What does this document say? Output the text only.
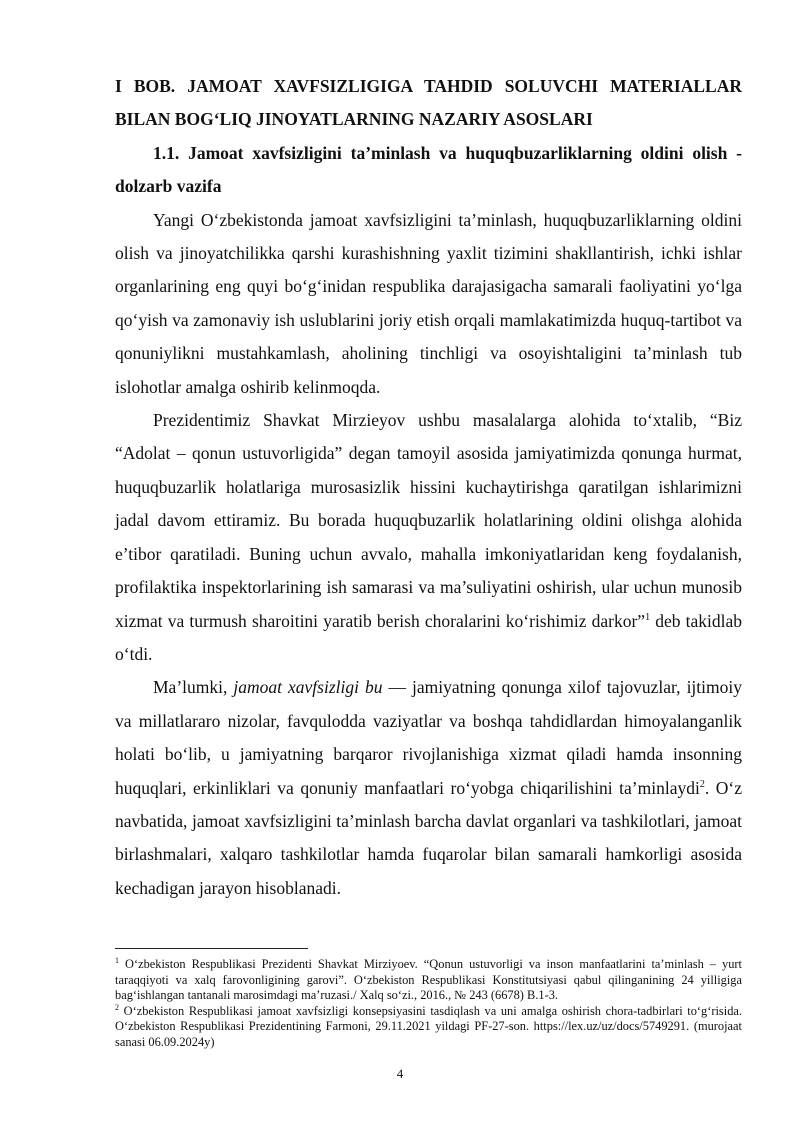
I BOB. JAMOAT XAVFSIZLIGIGA TAHDID SOLUVCHI MATERIALLAR BILAN BOG‘LIQ JINOYATLARNING NAZARIY ASOSLARI

1.1. Jamoat xavfsizligini ta’minlash va huquqbuzarliklarning oldini olish - dolzarb vazifa

Yangi O‘zbekistonda jamoat xavfsizligini ta’minlash, huquqbuzarliklarning oldini olish va jinoyatchilikka qarshi kurashishning yaxlit tizimini shakllantirish, ichki ishlar organlarining eng quyi bo‘g‘inidan respublika darajasigacha samarali faoliyatini yo‘lga qo‘yish va zamonaviy ish uslublarini joriy etish orqali mamlakatimizda huquq-tartibot va qonuniylikni mustahkamlash, aholining tinchligi va osoyishtaligini ta’minlash tub islohotlar amalga oshirib kelinmoqda.

Prezidentimiz Shavkat Mirzieyov ushbu masalalarga alohida to‘xtalib, “Biz “Adolat – qonun ustuvorligida” degan tamoyil asosida jamiyatimizda qonunga hurmat, huquqbuzarlik holatlariga murosasizlik hissini kuchaytirishga qaratilgan ishlarimizni jadal davom ettiramiz. Bu borada huquqbuzarlik holatlarining oldini olishga alohida e’tibor qaratiladi. Buning uchun avvalo, mahalla imkoniyatlaridan keng foydalanish, profilaktika inspektorlarining ish samarasi va ma’suliyatini oshirish, ular uchun munosib xizmat va turmush sharoitini yaratib berish choralarini ko‘rishimiz darkor”$^1$ deb takidlab o‘tdi.

Ma’lumki, jamoat xavfsizligi bu — jamiyatning qonunga xilof tajovuzlar, ijtimoiy va millatlararo nizolar, favqulodda vaziyatlar va boshqa tahdidlardan himoyalanganlik holati bo‘lib, u jamiyatning barqaror rivojlanishiga xizmat qiladi hamda insonning huquqlari, erkinliklari va qonuniy manfaatlari ro‘yobga chiqarilishini ta’minlaydi$^2$. O‘z navbatida, jamoat xavfsizligini ta’minlash barcha davlat organlari va tashkilotlari, jamoat birlashmalari, xalqaro tashkilotlar hamda fuqarolar bilan samarali hamkorligi asosida kechadigan jarayon hisoblanadi.

$^1$ O‘zbekiston Respublikasi Prezidenti Shavkat Mirziyoev. “Qonun ustuvorligi va inson manfaatlarini ta’minlash – yurt taraqqiyoti va xalq farovonligining garovi”. O‘zbekiston Respublikasi Konstitutsiyasi qabul qilinganining 24 yilligiga bag‘ishlangan tantanali marosimdagi ma’ruzasi./ Xalq so‘zi., 2016., № 243 (6678) B.1-3.

$^2$ O‘zbekiston Respublikasi jamoat xavfsizligi konsepsiyasini tasdiqlash va uni amalga oshirish chora-tadbirlari to‘g‘risida. O‘zbekiston Respublikasi Prezidentining Farmoni, 29.11.2021 yildagi PF-27-son. https://lex.uz/uz/docs/5749291. (murojaat sanasi 06.09.2024y)

4
